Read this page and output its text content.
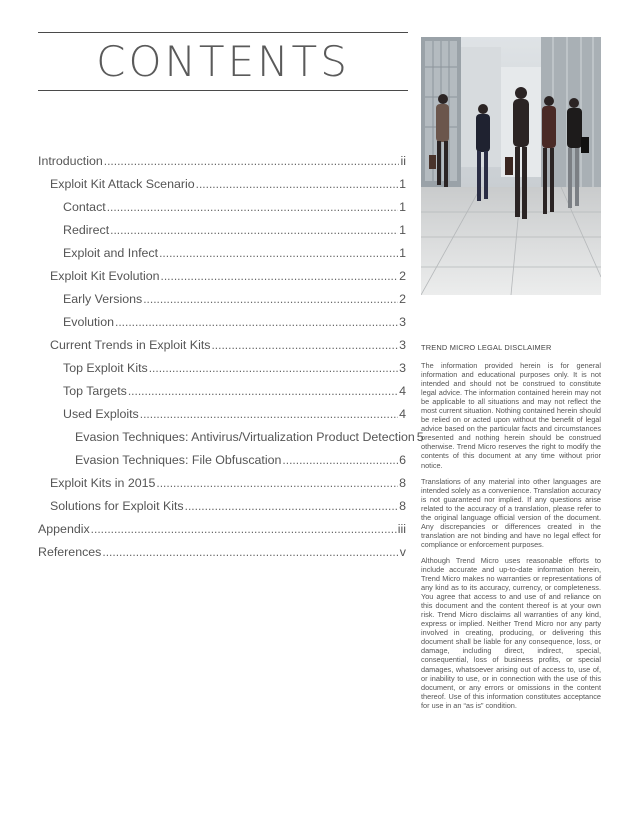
CONTENTS
Introduction .....	ii
Exploit Kit Attack Scenario .....	1
Contact .....	1
Redirect .....	1
Exploit and Infect .....	1
Exploit Kit Evolution .....	2
Early Versions .....	2
Evolution .....	3
Current Trends in Exploit Kits .....	3
Top Exploit Kits .....	3
Top Targets .....	4
Used Exploits .....	4
Evasion Techniques: Antivirus/Virtualization Product Detection 5
Evasion Techniques: File Obfuscation .....	6
Exploit Kits in 2015 .....	8
Solutions for Exploit Kits .....	8
Appendix .....	iii
References .....	v
TREND MICRO LEGAL DISCLAIMER

The information provided herein is for general information and educational purposes only. It is not intended and should not be construed to constitute legal advice. The information contained herein may not be applicable to all situations and may not reflect the most current situation. Nothing contained herein should be relied on or acted upon without the benefit of legal advice based on the particular facts and circumstances presented and nothing herein should be construed otherwise. Trend Micro reserves the right to modify the contents of this document at any time without prior notice.

Translations of any material into other languages are intended solely as a convenience. Translation accuracy is not guaranteed nor implied. If any questions arise related to the accuracy of a translation, please refer to the original language official version of the document. Any discrepancies or differences created in the translation are not binding and have no legal effect for compliance or enforcement purposes.

Although Trend Micro uses reasonable efforts to include accurate and up-to-date information herein, Trend Micro makes no warranties or representations of any kind as to its accuracy, currency, or completeness. You agree that access to and use of and reliance on this document and the content thereof is at your own risk. Trend Micro disclaims all warranties of any kind, express or implied. Neither Trend Micro nor any party involved in creating, producing, or delivering this document shall be liable for any consequence, loss, or damage, including direct, indirect, special, consequential, loss of business profits, or special damages, whatsoever arising out of access to, use of, or inability to use, or in connection with the use of this document, or any errors or omissions in the content thereof. Use of this information constitutes acceptance for use in an “as is” condition.
